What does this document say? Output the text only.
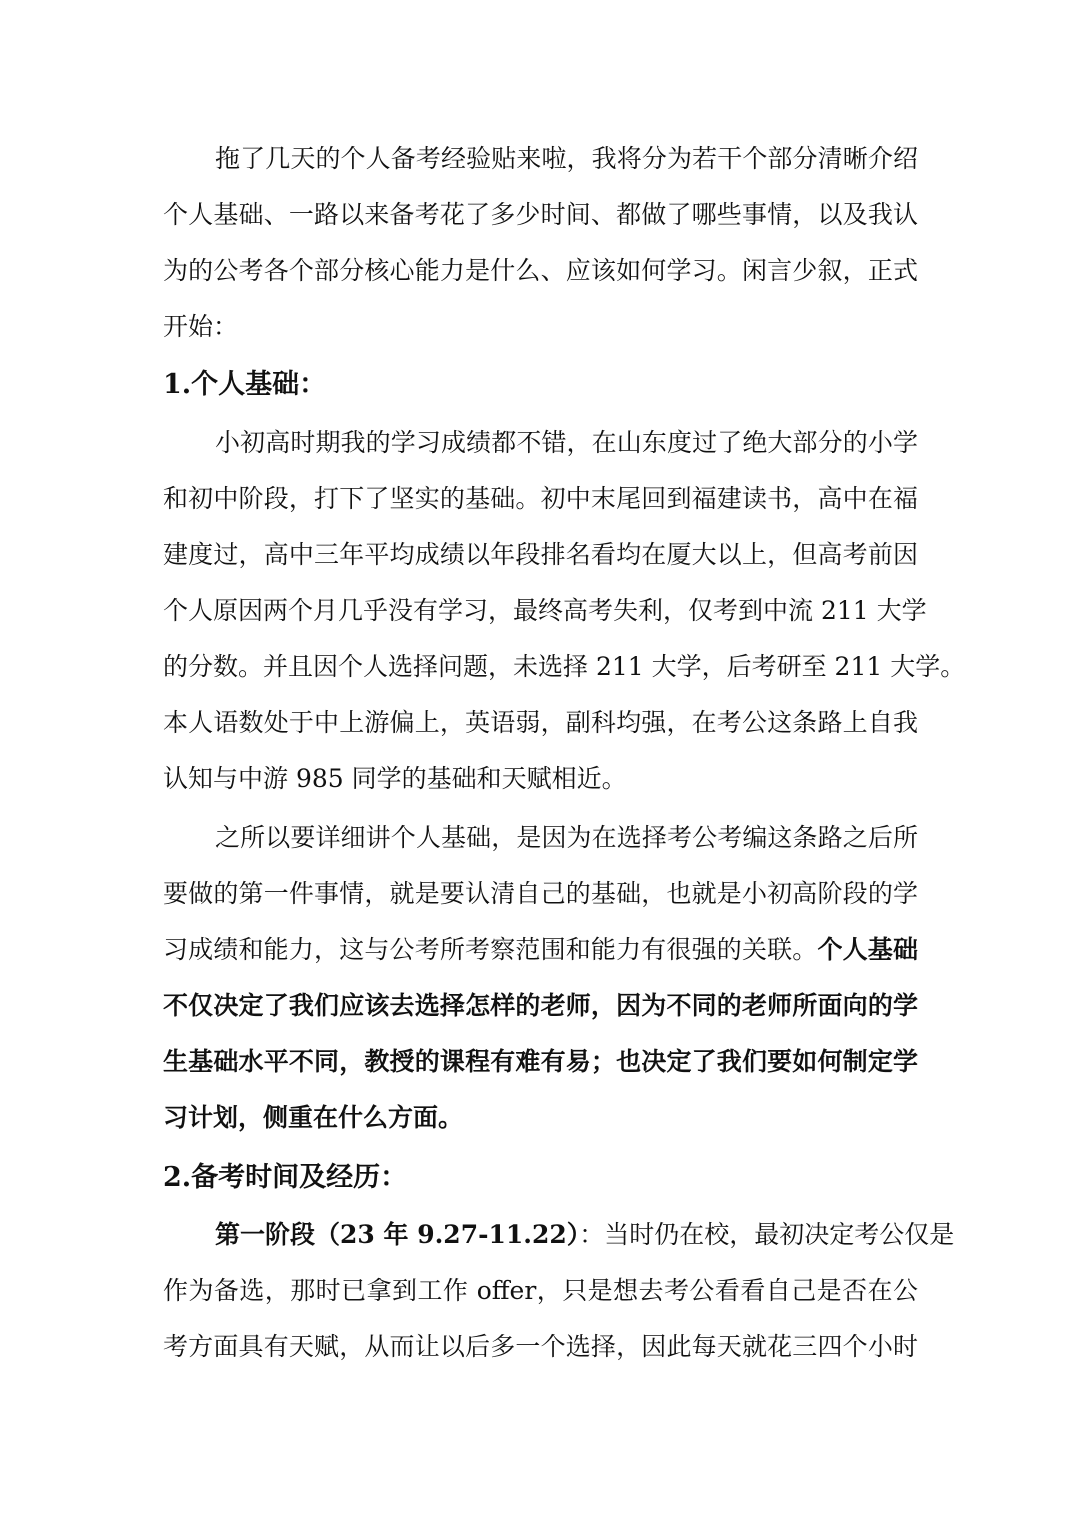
拖了几天的个人备考经验贴来啦，我将分为若干个部分清晰介绍
个人基础、一路以来备考花了多少时间、都做了哪些事情，以及我认
为的公考各个部分核心能力是什么、应该如何学习。闲言少叙，正式
开始：
1.个人基础：
小初高时期我的学习成绩都不错，在山东度过了绝大部分的小学
和初中阶段，打下了坚实的基础。初中末尾回到福建读书，高中在福
建度过，高中三年平均成绩以年段排名看均在厦大以上，但高考前因
个人原因两个月几乎没有学习，最终高考失利，仅考到中流 211 大学
的分数。并且因个人选择问题，未选择 211 大学，后考研至 211 大学。
本人语数处于中上游偏上，英语弱，副科均强，在考公这条路上自我
认知与中游 985 同学的基础和天赋相近。
之所以要详细讲个人基础，是因为在选择考公考编这条路之后所
要做的第一件事情，就是要认清自己的基础，也就是小初高阶段的学
习成绩和能力，这与公考所考察范围和能力有很强的关联。个人基础
不仅决定了我们应该去选择怎样的老师，因为不同的老师所面向的学
生基础水平不同，教授的课程有难有易；也决定了我们要如何制定学
习计划，侧重在什么方面。
2.备考时间及经历：
第一阶段（23 年 9.27-11.22）：当时仍在校，最初决定考公仅是
作为备选，那时已拿到工作 offer，只是想去考公看看自己是否在公
考方面具有天赋，从而让以后多一个选择，因此每天就花三四个小时
